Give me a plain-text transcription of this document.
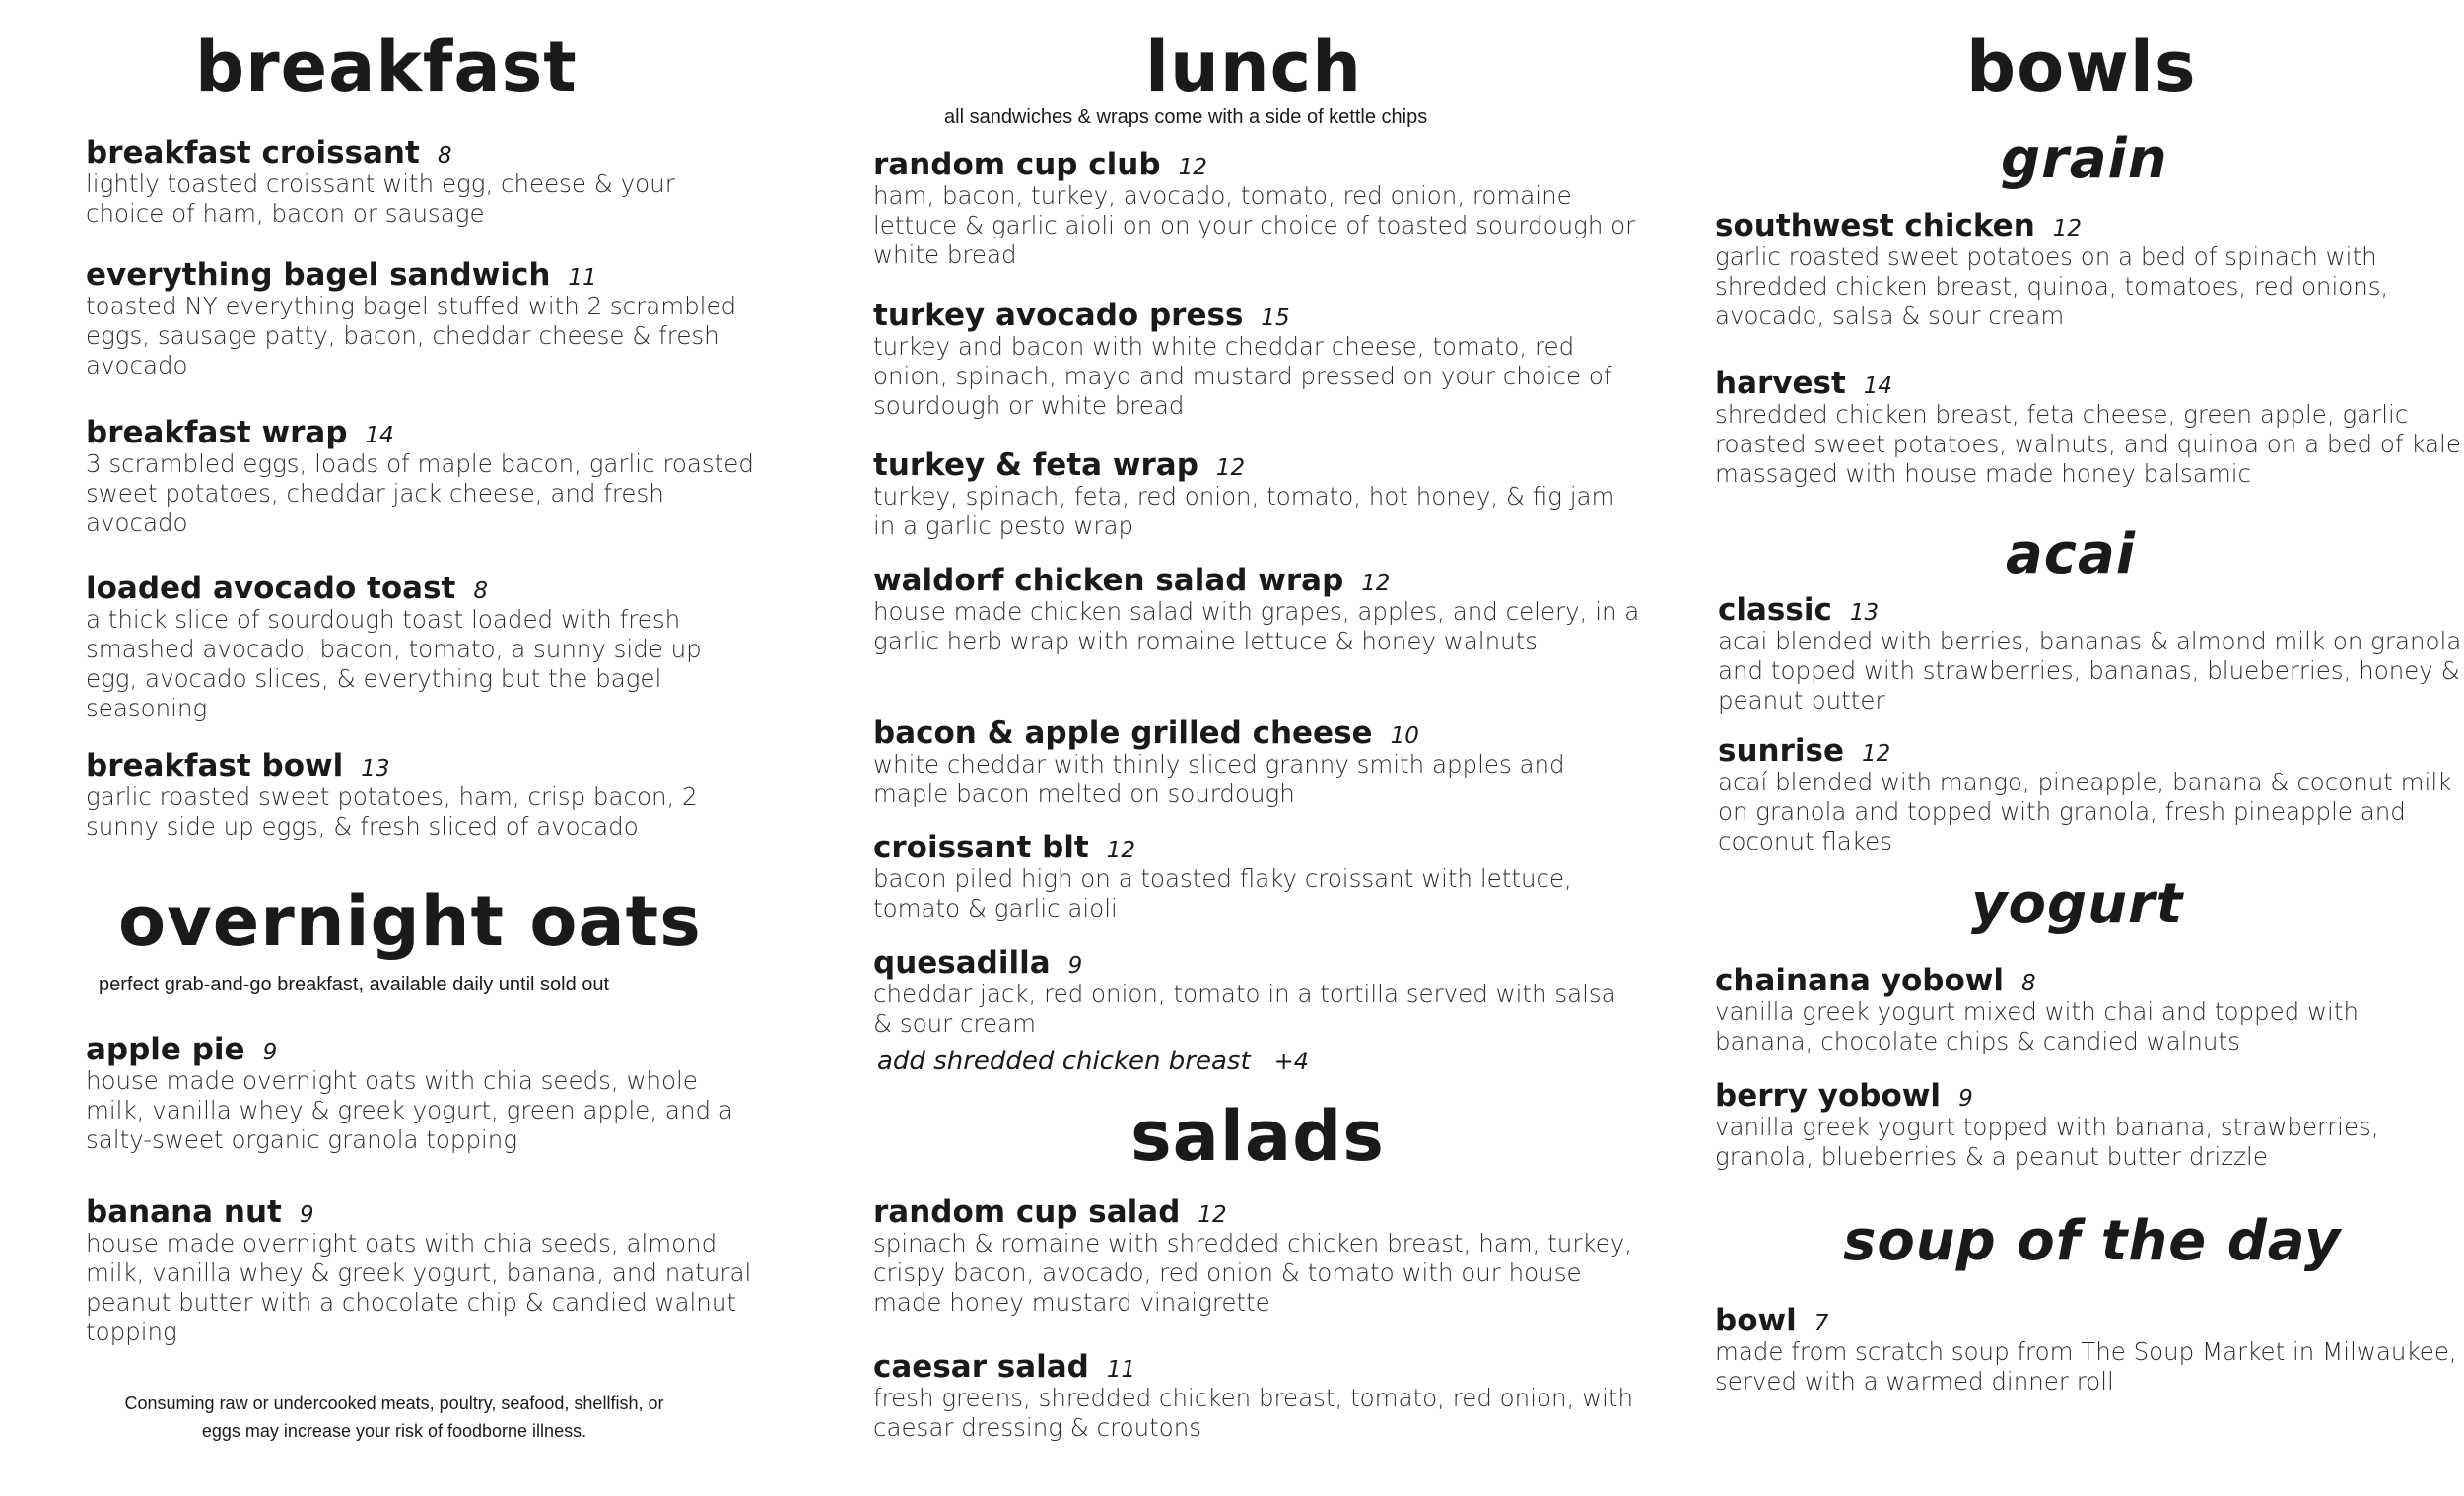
breakfast

breakfast croissant 8

lightly toasted croissant with egg, cheese & your choice of ham, bacon or sausage

everything bagel sandwich 11

toasted NY everything bagel stuffed with 2 scrambled eggs, sausage patty, bacon, cheddar cheese & fresh avocado

breakfast wrap 14

3 scrambled eggs, loads of maple bacon, garlic roasted sweet potatoes, cheddar jack cheese, and fresh avocado

loaded avocado toast 8

a thick slice of sourdough toast loaded with fresh smashed avocado, bacon, tomato, a sunny side up egg, avocado slices, & everything but the bagel seasoning

breakfast bowl 13

garlic roasted sweet potatoes, ham, crisp bacon, 2 sunny side up eggs, & fresh sliced of avocado

overnight oats

perfect grab-and-go breakfast, available daily until sold out

apple pie 9

house made overnight oats with chia seeds, whole milk, vanilla whey & greek yogurt, green apple, and a salty-sweet organic granola topping

banana nut 9

house made overnight oats with chia seeds, almond milk, vanilla whey & greek yogurt, banana, and natural peanut butter with a chocolate chip & candied walnut topping

Consuming raw or undercooked meats, poultry, seafood, shellfish, or eggs may increase your risk of foodborne illness.

lunch

all sandwiches & wraps come with a side of kettle chips

random cup club 12

ham, bacon, turkey, avocado, tomato, red onion, romaine lettuce & garlic aioli on on your choice of toasted sourdough or white bread

turkey avocado press 15

turkey and bacon with white cheddar cheese, tomato, red onion, spinach, mayo and mustard pressed on your choice of sourdough or white bread

turkey & feta wrap 12

turkey, spinach, feta, red onion, tomato, hot honey, & fig jam in a garlic pesto wrap

waldorf chicken salad wrap 12

house made chicken salad with grapes, apples, and celery, in a garlic herb wrap with romaine lettuce & honey walnuts

bacon & apple grilled cheese 10

white cheddar with thinly sliced granny smith apples and maple bacon melted on sourdough

croissant blt 12

bacon piled high on a toasted flaky croissant with lettuce, tomato & garlic aioli

quesadilla 9

cheddar jack, red onion, tomato in a tortilla served with salsa & sour cream

add shredded chicken breast +4

salads

random cup salad 12

spinach & romaine with shredded chicken breast, ham, turkey, crispy bacon, avocado, red onion & tomato with our house made honey mustard vinaigrette

caesar salad 11

fresh greens, shredded chicken breast, tomato, red onion, with caesar dressing & croutons

bowls
grain

southwest chicken 12

garlic roasted sweet potatoes on a bed of spinach with shredded chicken breast, quinoa, tomatoes, red onions, avocado, salsa & sour cream

harvest 14

shredded chicken breast, feta cheese, green apple, garlic roasted sweet potatoes, walnuts, and quinoa on a bed of kale massaged with house made honey balsamic

acai

classic 13

acai blended with berries, bananas & almond milk on granola and topped with strawberries, bananas, blueberries, honey & peanut butter

sunrise 12

acaí blended with mango, pineapple, banana & coconut milk on granola and topped with granola, fresh pineapple and coconut flakes

yogurt

chainana yobowl 8

vanilla greek yogurt mixed with chai and topped with banana, chocolate chips & candied walnuts

berry yobowl 9

vanilla greek yogurt topped with banana, strawberries, granola, blueberries & a peanut butter drizzle

soup of the day

bowl 7

made from scratch soup from The Soup Market in Milwaukee, served with a warmed dinner roll
